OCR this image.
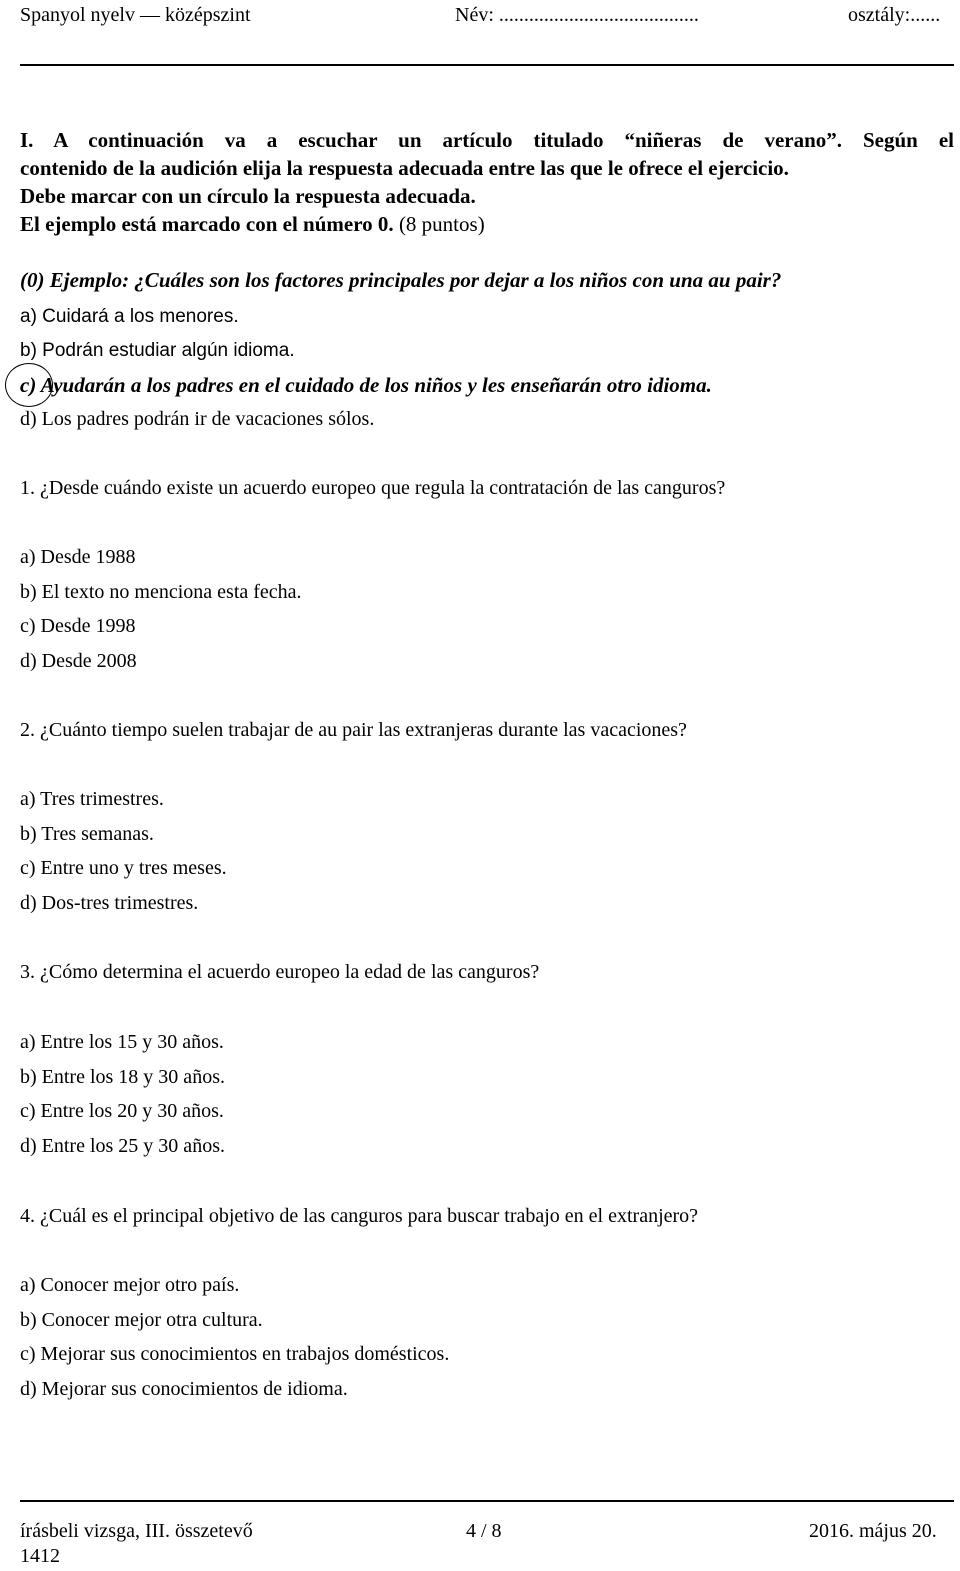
Spanyol nyelv — középszint	Név: ........................................	osztály:......
I. A continuación va a escuchar un artículo titulado “niñeras de verano”. Según el
contenido de la audición elija la respuesta adecuada entre las que le ofrece el ejercicio.
Debe marcar con un círculo la respuesta adecuada.
El ejemplo está marcado con el número 0. (8 puntos)
(0) Ejemplo: ¿Cuáles son los factores principales por dejar a los niños con una au pair?
a) Cuidará a los menores.
b) Podrán estudiar algún idioma.
c) Ayudarán a los padres en el cuidado de los niños y les enseñarán otro idioma.
d) Los padres podrán ir de vacaciones sólos.
1. ¿Desde cuándo existe un acuerdo europeo que regula la contratación de las canguros?
a) Desde 1988
b) El texto no menciona esta fecha.
c) Desde 1998
d) Desde 2008
2. ¿Cuánto tiempo suelen trabajar de au pair las extranjeras durante las vacaciones?
a) Tres trimestres.
b) Tres semanas.
c) Entre uno y tres meses.
d) Dos-tres trimestres.
3. ¿Cómo determina el acuerdo europeo la edad de las canguros?
a) Entre los 15 y 30 años.
b) Entre los 18 y 30 años.
c) Entre los 20 y 30 años.
d) Entre los 25 y 30 años.
4. ¿Cuál es el principal objetivo de las canguros para buscar trabajo en el extranjero?
a) Conocer mejor otro país.
b) Conocer mejor otra cultura.
c) Mejorar sus conocimientos en trabajos domésticos.
d) Mejorar sus conocimientos de idioma.
írásbeli vizsga, III. összetevő	4 / 8	2016. május 20.
1412
